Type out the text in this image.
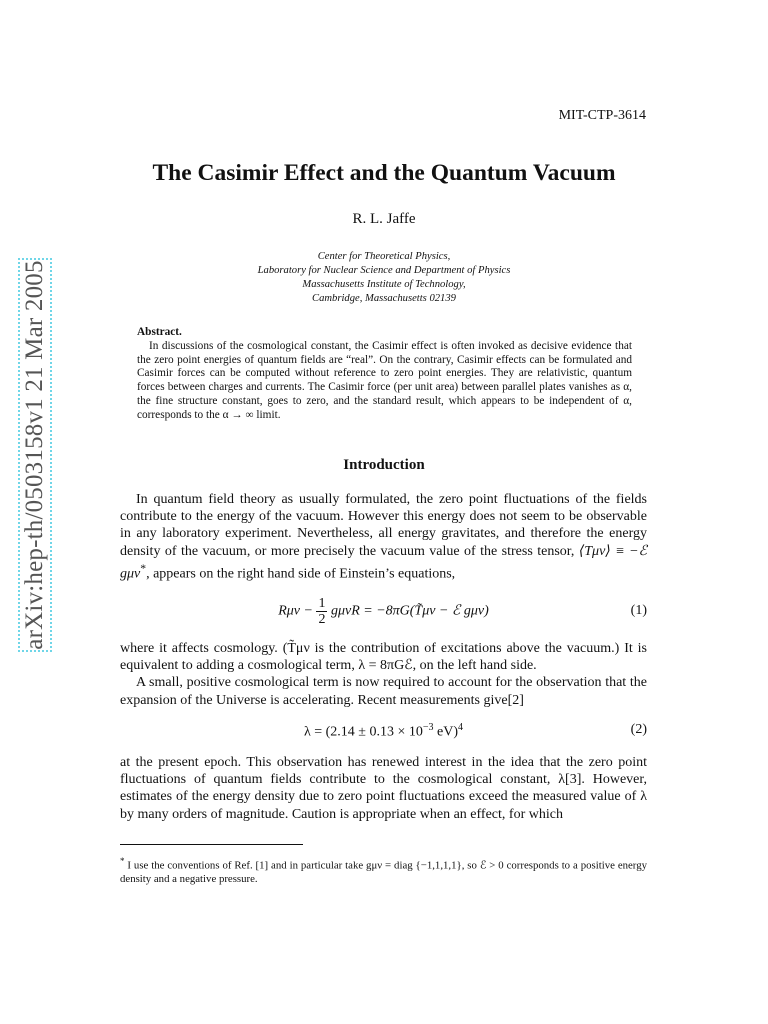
arXiv:hep-th/0503158v1 21 Mar 2005
MIT-CTP-3614
The Casimir Effect and the Quantum Vacuum
R. L. Jaffe
Center for Theoretical Physics,
Laboratory for Nuclear Science and Department of Physics
Massachusetts Institute of Technology,
Cambridge, Massachusetts 02139
Abstract.
In discussions of the cosmological constant, the Casimir effect is often invoked as decisive evidence that the zero point energies of quantum fields are “real”. On the contrary, Casimir effects can be formulated and Casimir forces can be computed without reference to zero point energies. They are relativistic, quantum forces between charges and currents. The Casimir force (per unit area) between parallel plates vanishes as α, the fine structure constant, goes to zero, and the standard result, which appears to be independent of α, corresponds to the α → ∞ limit.
Introduction

In quantum field theory as usually formulated, the zero point fluctuations of the fields contribute to the energy of the vacuum. However this energy does not seem to be observable in any laboratory experiment. Nevertheless, all energy gravitates, and therefore the energy density of the vacuum, or more precisely the vacuum value of the stress tensor, ⟨Tμν⟩ ≡ −ℰ gμν*, appears on the right hand side of Einstein’s equations,

$R\mu\nu - \frac{1}{2}$ gμνR = −8πG(T̃μν − ℰ gμν)	(1)

where it affects cosmology. (T̃μν is the contribution of excitations above the vacuum.) It is equivalent to adding a cosmological term, λ = 8πGℰ, on the left hand side.

A small, positive cosmological term is now required to account for the observation that the expansion of the Universe is accelerating. Recent measurements give[2]

$\lambda = (2.14 \pm 0.13 \times 10^{-3}$ eV)$^4$	(2)

at the present epoch. This observation has renewed interest in the idea that the zero point fluctuations of quantum fields contribute to the cosmological constant, λ[3]. However, estimates of the energy density due to zero point fluctuations exceed the measured value of λ by many orders of magnitude. Caution is appropriate when an effect, for which

* I use the conventions of Ref. [1] and in particular take gμν = diag {−1,1,1,1}, so ℰ > 0 corresponds to a positive energy density and a negative pressure.
